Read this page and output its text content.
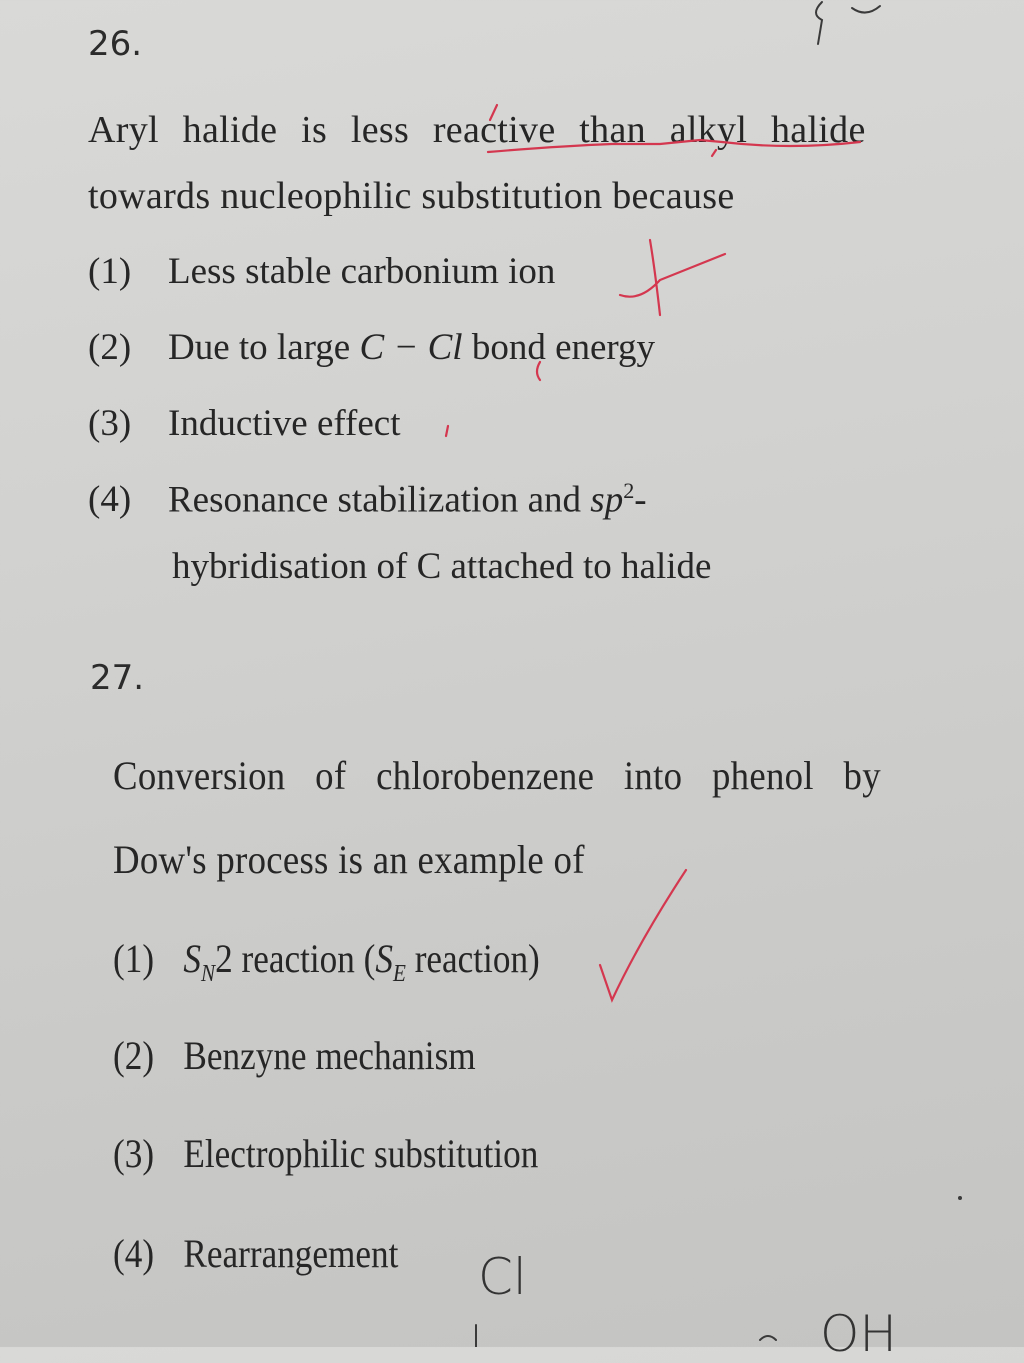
26.
Aryl halide is less reactive than alkyl halide
towards nucleophilic substitution because
(1) Less stable carbonium ion
(2) Due to large C − Cl bond energy
(3) Inductive effect
(4) Resonance stabilization and $sp^2-$
hybridisation of C attached to halide
27.
Conversion of chlorobenzene into phenol by
Dow's process is an example of
(1) $S_N2$ reaction ($S_E$ reaction)
(2) Benzyne mechanism
(3) Electrophilic substitution
(4) Rearrangement Cl
OH
